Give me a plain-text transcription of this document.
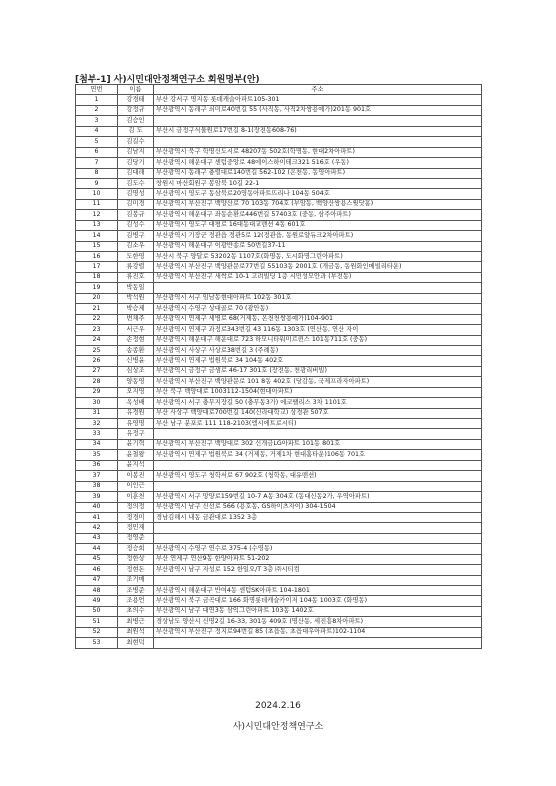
[첨부-1] 사)시민대안정책연구소 회원명부(안)
연번	이름	주소
1	강경태	부산 강서구 명지동 롯데캐슬아파트105-301
2	강정규	부산광역시 동래구 쇠미로40번길 55 (사직동, 사직2차쌍용예가)201동 901호
3	김승인	
4	김 도	부산시 금정구식물원로17번길 8-1(장전동608-76)
5	김길수	
6	김남지	부산광역시 북구 학명신도시로 48207동 502호(학명동, 현대2차아파트)
7	김당기	부산광역시 해운대구 센텀중앙로 48에이스하이테크321 516호 (우동)
8	김대래	부산광역시 동래구 충렬대로140번길 562-102 (온천동, 동영아파트)
9	김도수	창원시 마산회원구 봉암북 10길 22-1
10	김명성	부산광역시 영도구 동삼북로20영동아파트뜨리나 104동 504호
11	김미경	부산광역시 부산진구 백양산로 70 103동 704호 (부암동, 백양산쌍용스윗닷홈)
12	김봉규	부산광역시 해운대구 좌동순환로446번길 57403호 (중동, 삼주아파트)
13	김성수	부산광역시 영도구 대평로 16대동대교맨션 4동 601호
14	김병구	부산광역시 기장군 정관읍 정관5로 12(정관읍, 동원로얄듀크2차아파트)
15	김소우	부산광역시 해운대구 이광반송로 50번길37-11
16	도한영	부산시 북구 양달로 53202동 1107호(화명동, 도시화명그린아파트)
17	류강렬	부산광역시 부산진구 백양관문로77번길 55103동 2001호 (개금동, 동원화인메빌리타운)
18	류진호	부산광역시 부산진구 새싹로 10-1 고려빌딩 1층 시민성모안과 (부전동)
19	박동일	
20	박석원	부산광역시 서구 임남동현대아파트 102동 301호
21	박승제	부산광역시 수영구 상대골로 70 (광안동)
22	변채주	부산광역시 연제구 세병로 68(거제동, 온천천쌍용예가)104-901
23	서근우	부산광역시 연제구 과정로343번길 43 116동 1303호 (연산동, 연산 자이
24	손정현	부산광역시 해운대구 해운대로 723 하모니타워미르퀸스 101동711호 (중동)
25	송종환	부산광역시 사상구 사상로38번길 3 (주례동)
26	신병윤	부산광역시 연제구 법원북로 34 104동 402호
27	심상조	부산광역시 금정구 금샘로 46-17 301호 (장전동, 천광리버빌)
28	양동영	부산광역시 부산진구 백양관문로 101 8동 402호 (당감동, 국제프라자아파트)
29	오지영	부산 북구 백양대로 1003112-1504(현대아파트)
30	옥성배	부산광역시 서구 충무지장길 50 (충무동3가) 에코팰리스 3차 1101호
31	유경원	부산 사상구 백양대로700번길 140(신라대학교) 상경관 507호
32	유영명	부산 남구 분포로 111 118-2103(엠시에트로시티)
33	유정구	
34	윤기혁	부산광역시 부산진구 백양대로 302 신개금LG아파트 101동 801호
35	윤철왕	부산광역시 연제구 법원북로 34 (거제동, 거제1차 현대홈타운)106동 701호
36	윤지석	
37	이봉진	부산광역시 영도구 청학서로 67 902호 (청학동, 대유맨션)
38	이인근	
39	이훈천	부산광역시 서구 망양로159번길 10-7 A동 304호 (동대신동2가, 우역아파트)
40	정의정	부산광역시 남구 신선로 566 (용호동, GS하이츠자이) 304-1504
41	정경미	경남김해시 내동 금관대로 1352 3층
42	정민재	
43	정영준	
44	정승희	부산광역시 수영구 연수로 375-4 (수영동)
45	정한상	부산 연제구 연산9동 한양아파트 51-202
46	정현돈	부산광역시 남구 자성로 152 한일오/T 3층 ㈜시티컴
47	조기매	
48	조병준	부산광역시 해운대구 반여4동 센텀SK아파트 104-1801
49	조용언	부산광역시 북구 금곡대로 166 화명롯데캐슬카이저 104동 1003호 (화명동)
50	초의수	부산광역시 남구 대연3동 삼익그린아파트 103동 1402호
51	최병근	경상남도 양산시 신명2길 16-33, 301동 409호 (명산동, 세진흥8차아파트)
52	최원석	부산광역시 부산진구 정지로94번길 85 (초읍동, 초읍대우아파트)102-1104
53	최현덕	
2024.2.16
사)시민대안정책연구소
